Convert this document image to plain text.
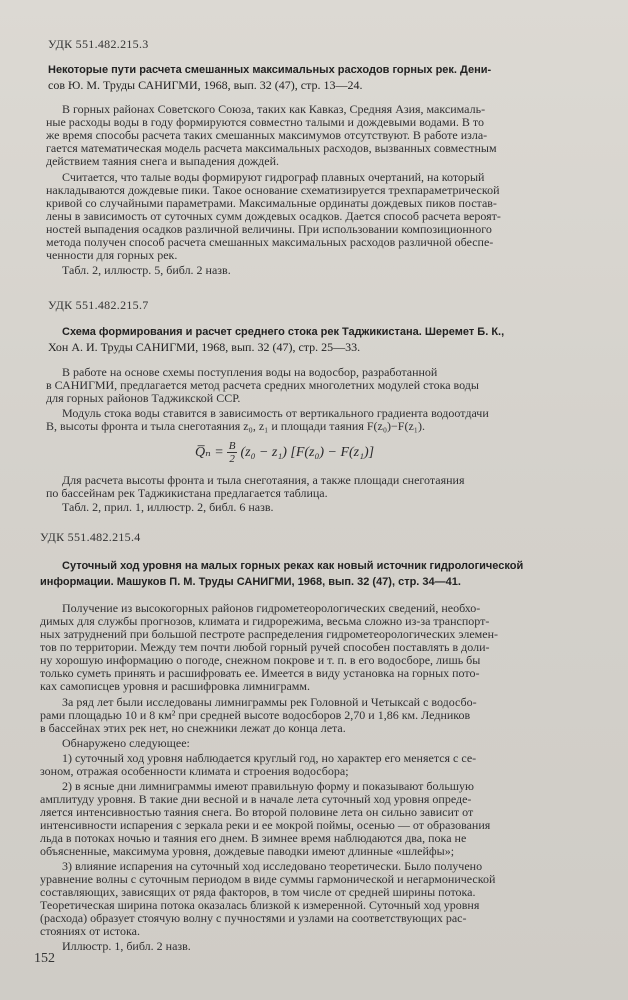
УДК 551.482.215.3
Некоторые пути расчета смешанных максимальных расходов горных рек. Дени-
сов Ю. М. Труды САНИГМИ, 1968, вып. 32 (47), стр. 13—24.
В горных районах Советского Союза, таких как Кавказ, Средняя Азия, максималь-
ные расходы воды в году формируются совместно талыми и дождевыми водами. В то
же время способы расчета таких смешанных максимумов отсутствуют. В работе изла-
гается математическая модель расчета максимальных расходов, вызванных совместным
действием таяния снега и выпадения дождей.
Считается, что талые воды формируют гидрограф плавных очертаний, на который
накладываются дождевые пики. Такое основание схематизируется трехпараметрической
кривой со случайными параметрами. Максимальные ординаты дождевых пиков постав-
лены в зависимость от суточных сумм дождевых осадков. Дается способ расчета вероят-
ностей выпадения осадков различной величины. При использовании композиционного
метода получен способ расчета смешанных максимальных расходов различной обеспе-
ченности для горных рек.
Табл. 2, иллюстр. 5, библ. 2 назв.
УДК 551.482.215.7
Схема формирования и расчет среднего стока рек Таджикистана. Шеремет Б. К.,
Хон А. И. Труды САНИГМИ, 1968, вып. 32 (47), стр. 25—33.
В работе на основе схемы поступления воды на водосбор, разработанной
в САНИГМИ, предлагается метод расчета средних многолетних модулей стока воды
для горных районов Таджикской ССР.
Модуль стока воды ставится в зависимость от вертикального градиента водоотдачи
B, высоты фронта и тыла снеготаяния z₀, z₁ и площади таяния F(z₀)−F(z₁).
Q̅ₙ = $\frac{B}{2} (z_0 - z_1) [F(z_0) - F(z_1)]$
Для расчета высоты фронта и тыла снеготаяния, а также площади снеготаяния
по бассейнам рек Таджикистана предлагается таблица.
Табл. 2, прил. 1, иллюстр. 2, библ. 6 назв.
УДК 551.482.215.4
Суточный ход уровня на малых горных реках как новый источник гидрологической
информации. Машуков П. М. Труды САНИГМИ, 1968, вып. 32 (47), стр. 34—41.
Получение из высокогорных районов гидрометеорологических сведений, необхо-
димых для службы прогнозов, климата и гидрорежима, весьма сложно из-за транспорт-
ных затруднений при большой пестроте распределения гидрометеорологических элемен-
тов по территории. Между тем почти любой горный ручей способен поставлять в доли-
ну хорошую информацию о погоде, снежном покрове и т. п. в его водосборе, лишь бы
только суметь принять и расшифровать ее. Имеется в виду установка на горных пото-
ках самописцев уровня и расшифровка лимниграмм.
За ряд лет были исследованы лимниграммы рек Головной и Четыксай с водосбо-
рами площадью 10 и 8 км² при средней высоте водосборов 2,70 и 1,86 км. Ледников
в бассейнах этих рек нет, но снежники лежат до конца лета.
Обнаружено следующее:
1) суточный ход уровня наблюдается круглый год, но характер его меняется с се-
зоном, отражая особенности климата и строения водосбора;
2) в ясные дни лимниграммы имеют правильную форму и показывают большую
амплитуду уровня. В такие дни весной и в начале лета суточный ход уровня опреде-
ляется интенсивностью таяния снега. Во второй половине лета он сильно зависит от
интенсивности испарения с зеркала реки и ее мокрой поймы, осенью — от образования
льда в потоках ночью и таяния его днем. В зимнее время наблюдаются два, пока не
объясненные, максимума уровня, дождевые паводки имеют длинные «шлейфы»;
3) влияние испарения на суточный ход исследовано теоретически. Было получено
уравнение волны с суточным периодом в виде суммы гармонической и негармонической
составляющих, зависящих от ряда факторов, в том числе от средней ширины потока.
Теоретическая ширина потока оказалась близкой к измеренной. Суточный ход уровня
(расхода) образует стоячую волну с пучностями и узлами на соответствующих рас-
стояниях от истока.
Иллюстр. 1, библ. 2 назв.
152
